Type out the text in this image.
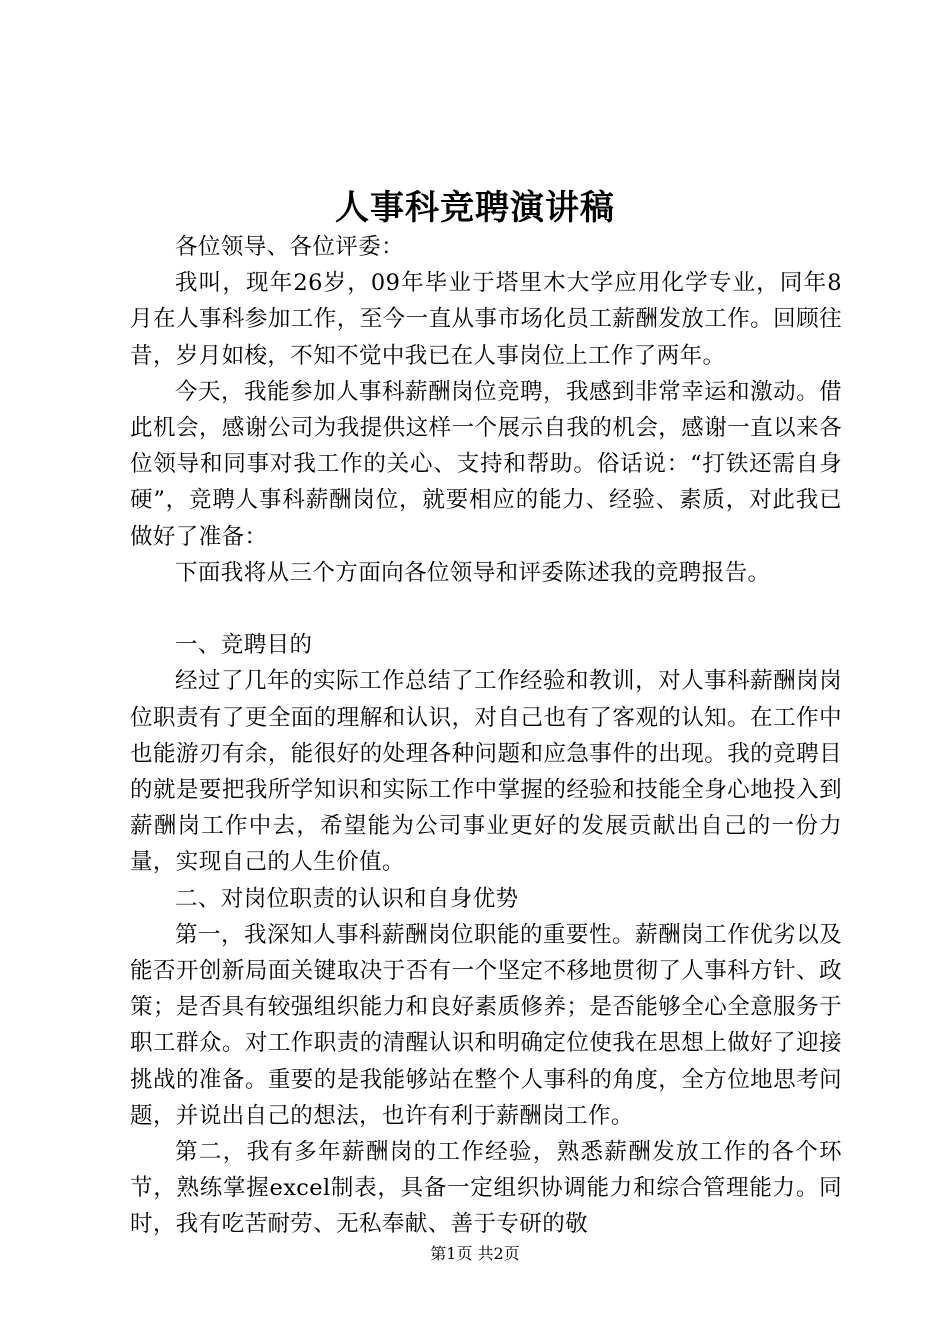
人事科竞聘演讲稿

各位领导、各位评委：

我叫，现年26岁，09年毕业于塔里木大学应用化学专业，同年8月在人事科参加工作，至今一直从事市场化员工薪酬发放工作。回顾往昔，岁月如梭，不知不觉中我已在人事岗位上工作了两年。

今天，我能参加人事科薪酬岗位竞聘，我感到非常幸运和激动。借此机会，感谢公司为我提供这样一个展示自我的机会，感谢一直以来各位领导和同事对我工作的关心、支持和帮助。俗话说：“打铁还需自身硬”，竞聘人事科薪酬岗位，就要相应的能力、经验、素质，对此我已做好了准备：

下面我将从三个方面向各位领导和评委陈述我的竞聘报告。

一、竞聘目的

经过了几年的实际工作总结了工作经验和教训，对人事科薪酬岗岗位职责有了更全面的理解和认识，对自己也有了客观的认知。在工作中也能游刃有余，能很好的处理各种问题和应急事件的出现。我的竞聘目的就是要把我所学知识和实际工作中掌握的经验和技能全身心地投入到薪酬岗工作中去，希望能为公司事业更好的发展贡献出自己的一份力量，实现自己的人生价值。

二、对岗位职责的认识和自身优势

第一，我深知人事科薪酬岗位职能的重要性。薪酬岗工作优劣以及能否开创新局面关键取决于否有一个坚定不移地贯彻了人事科方针、政策；是否具有较强组织能力和良好素质修养；是否能够全心全意服务于职工群众。对工作职责的清醒认识和明确定位使我在思想上做好了迎接挑战的准备。重要的是我能够站在整个人事科的角度，全方位地思考问题，并说出自己的想法，也许有利于薪酬岗工作。

第二，我有多年薪酬岗的工作经验，熟悉薪酬发放工作的各个环节，熟练掌握excel制表，具备一定组织协调能力和综合管理能力。同时，我有吃苦耐劳、无私奉献、善于专研的敬

第1页 共2页
